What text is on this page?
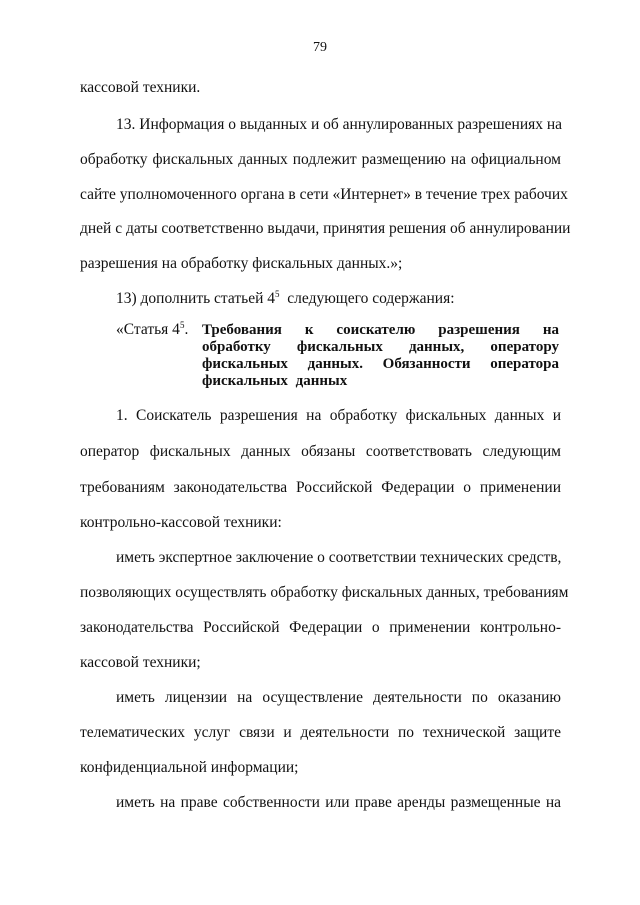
79
кассовой техники.
13. Информация о выданных и об аннулированных разрешениях на
обработку фискальных данных подлежит размещению на официальном
сайте уполномоченного органа в сети «Интернет» в течение трех рабочих
дней с даты соответственно выдачи, принятия решения об аннулировании
разрешения на обработку фискальных данных.»;
13) дополнить статьей $4^5$  следующего содержания:
«Статья $4^5$. Требования к соискателю разрешения на
обработку фискальных данных, оператору
фискальных данных. Обязанности оператора
фискальных данных
1. Соискатель разрешения на обработку фискальных данных и
оператор фискальных данных обязаны соответствовать следующим
требованиям законодательства Российской Федерации о применении
контрольно-кассовой техники:
иметь экспертное заключение о соответствии технических средств,
позволяющих осуществлять обработку фискальных данных, требованиям
законодательства Российской Федерации о применении контрольно-
кассовой техники;
иметь лицензии на осуществление деятельности по оказанию
телематических услуг связи и деятельности по технической защите
конфиденциальной информации;
иметь на праве собственности или праве аренды размещенные на
